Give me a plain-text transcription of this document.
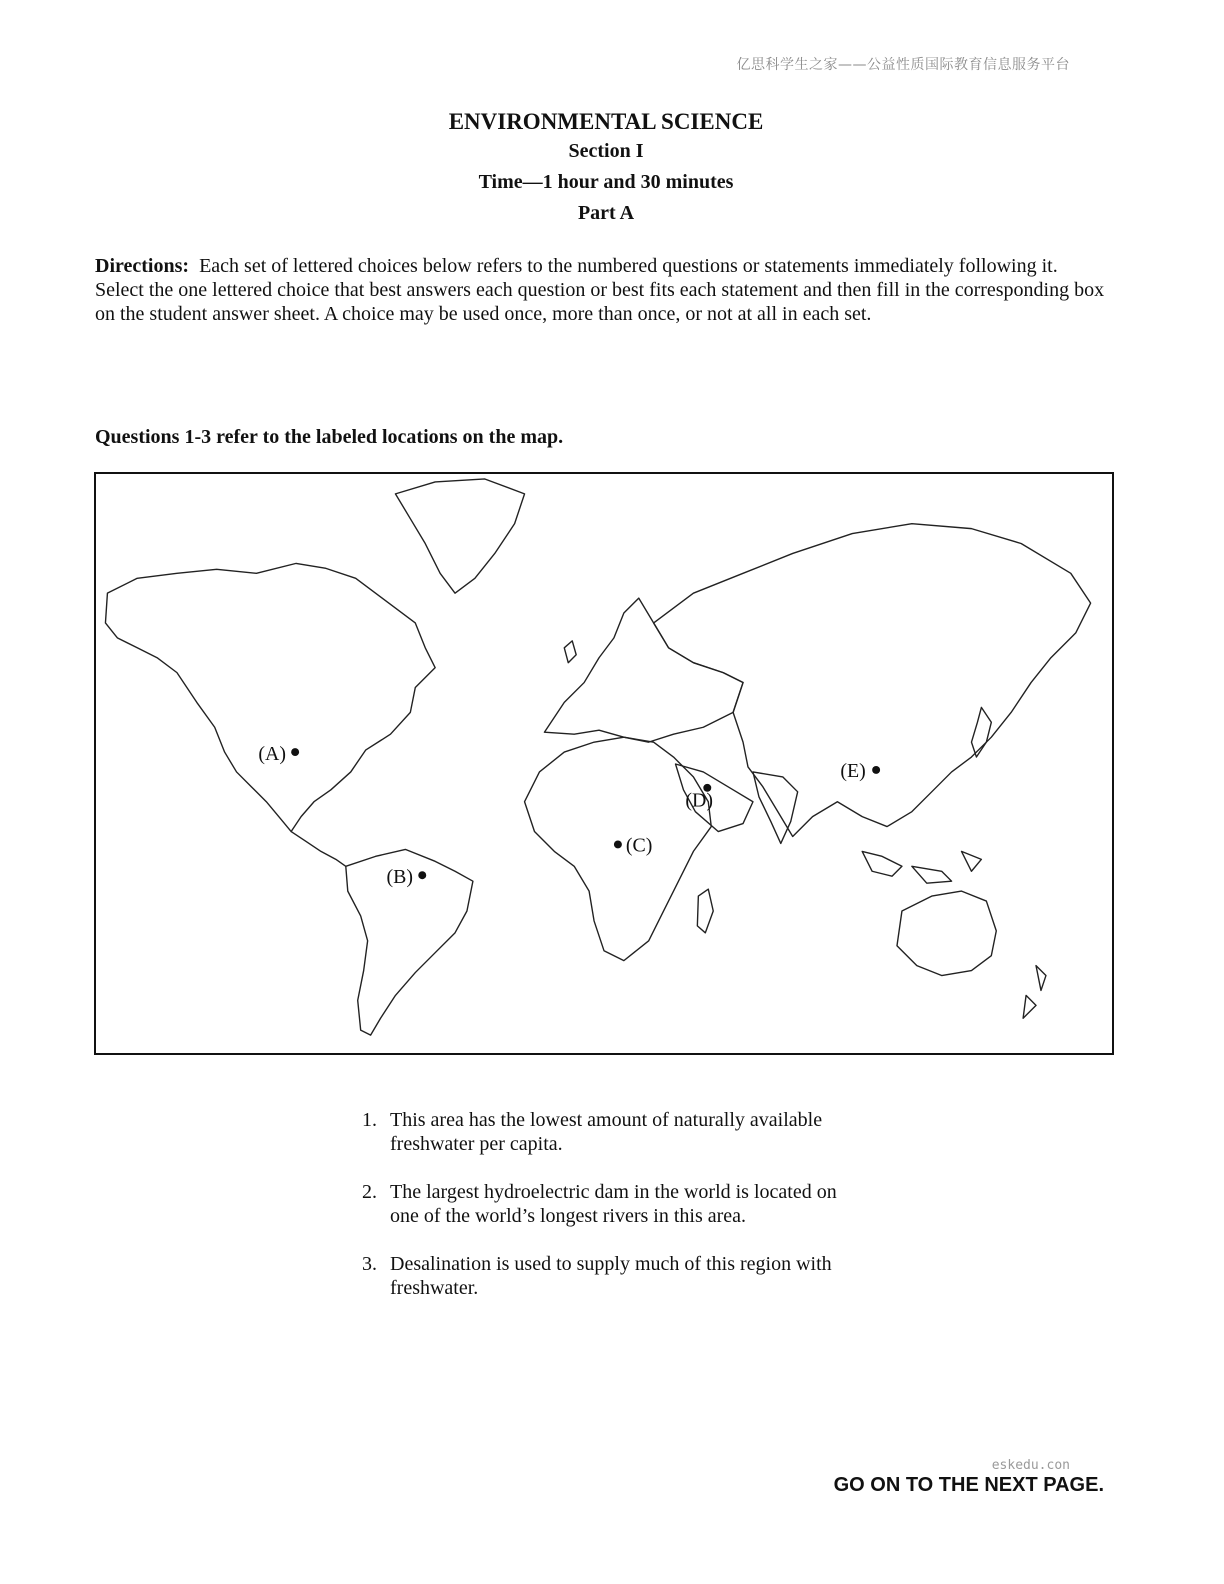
亿思科学生之家——公益性质国际教育信息服务平台
ENVIRONMENTAL SCIENCE
Section I
Time—1 hour and 30 minutes
Part A
Directions: Each set of lettered choices below refers to the numbered questions or statements immediately following it. Select the one lettered choice that best answers each question or best fits each statement and then fill in the corresponding box on the student answer sheet. A choice may be used once, more than once, or not at all in each set.
Questions 1-3 refer to the labeled locations on the map.
(A)
(B)
(C)
(D)
(E)
1. This area has the lowest amount of naturally available freshwater per capita.
2. The largest hydroelectric dam in the world is located on one of the world’s longest rivers in this area.
3. Desalination is used to supply much of this region with freshwater.
eskedu.con
GO ON TO THE NEXT PAGE.
